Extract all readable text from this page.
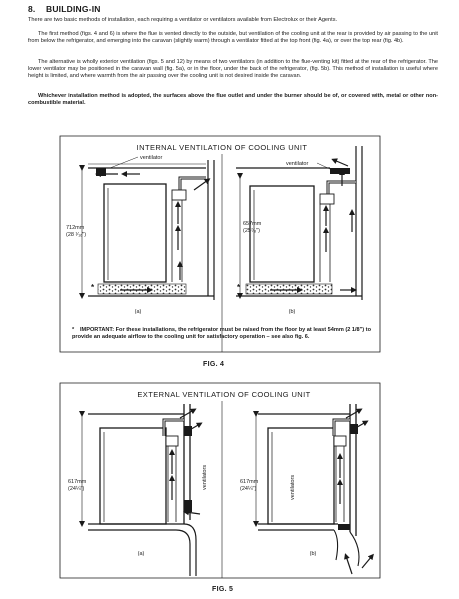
8. BUILDING-IN

There are two basic methods of installation, each requiring a ventilator or ventilators available from Electrolux or their Agents.

The first method (figs. 4 and 6) is where the flue is vented directly to the outside, but ventilation of the cooling unit at the rear is provided by air passing to the unit from below the refrigerator, and emerging into the caravan (slightly warm) through a ventilator fitted at the top front (fig. 4a), or over the top rear (fig. 4b).

The alternative is wholly exterior ventilation (figs. 5 and 12) by means of two ventilators (in addition to the flue-venting kit) fitted at the rear of the refrigerator. The lower ventilator may be positioned in the caravan wall (fig. 5a), or in the floor, under the back of the refrigerator, (fig. 5b). This method of installation is useful where height is limited, and where warmth from the air passing over the cooling unit is not desired inside the caravan.

Whichever installation method is adopted, the surfaces above the flue outlet and under the burner should be of, or covered with, metal or other non-combustible material.

INTERNAL VENTILATION OF COOLING UNIT
ventilator
712mm
(28 ¹⁄₁₆")
*
(a)
ventilator
657mm
(25⁷⁄₈")
*
(b)
EXTERNAL VENTILATION OF COOLING UNIT
617mm
(24¼")	ventilators
(a)
617mm
(24¼")	ventilators
(b)
* IMPORTANT: For these installations, the refrigerator must be raised from the floor by at least 54mm (2 1/8") to provide an adequate airflow to the cooling unit for satisfactory operation – see also fig. 6.
FIG. 4
FIG. 5
